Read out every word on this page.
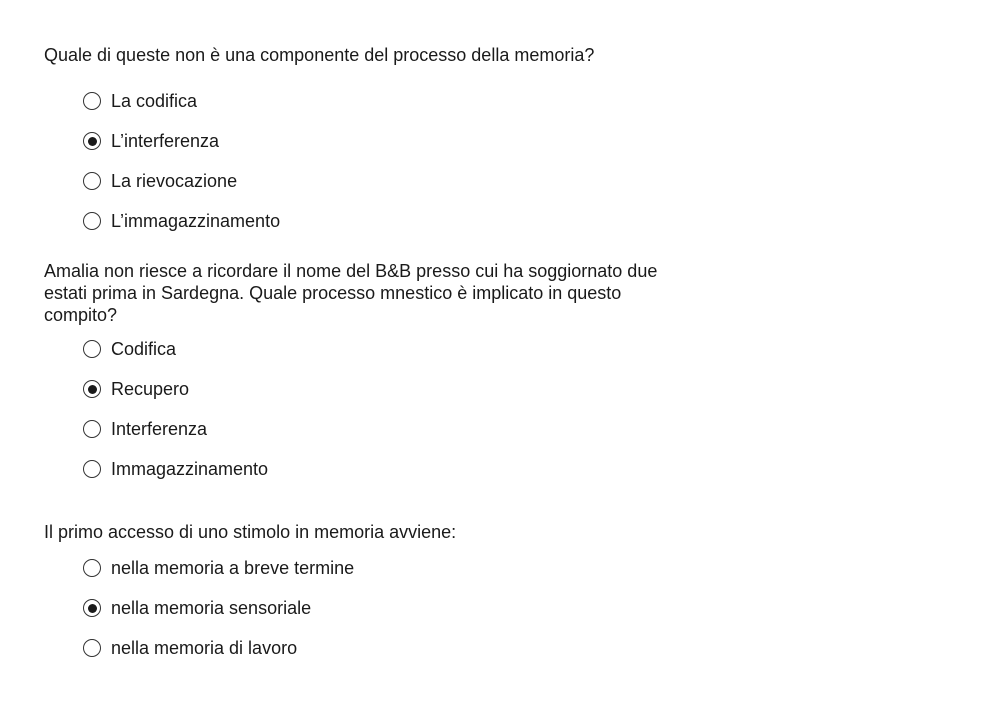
Quale di queste non è una componente del processo della memoria?

La codifica
L’interferenza
La rievocazione
L’immagazzinamento

Amalia non riesce a ricordare il nome del B&B presso cui ha soggiornato due
estati prima in Sardegna. Quale processo mnestico è implicato in questo
compito?

Codifica
Recupero
Interferenza
Immagazzinamento

Il primo accesso di uno stimolo in memoria avviene:

nella memoria a breve termine
nella memoria sensoriale
nella memoria di lavoro
